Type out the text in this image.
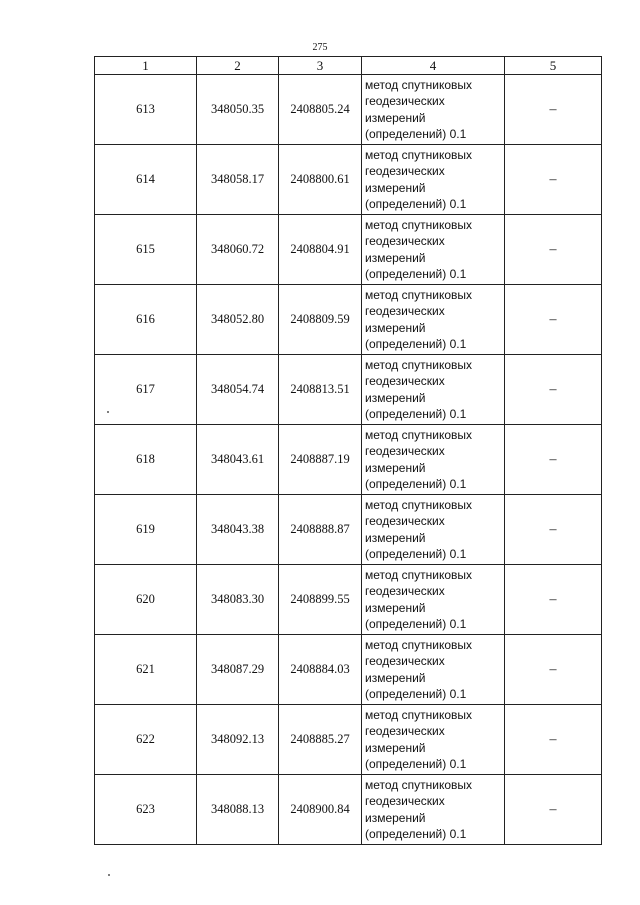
275
1	2	3	4	5
613	348050.35	2408805.24	метод спутниковых
геодезических
измерений
(определений) 0.1	–
614	348058.17	2408800.61	метод спутниковых
геодезических
измерений
(определений) 0.1	–
615	348060.72	2408804.91	метод спутниковых
геодезических
измерений
(определений) 0.1	–
616	348052.80	2408809.59	метод спутниковых
геодезических
измерений
(определений) 0.1	–
617	348054.74	2408813.51	метод спутниковых
геодезических
измерений
(определений) 0.1	–
618	348043.61	2408887.19	метод спутниковых
геодезических
измерений
(определений) 0.1	–
619	348043.38	2408888.87	метод спутниковых
геодезических
измерений
(определений) 0.1	–
620	348083.30	2408899.55	метод спутниковых
геодезических
измерений
(определений) 0.1	–
621	348087.29	2408884.03	метод спутниковых
геодезических
измерений
(определений) 0.1	–
622	348092.13	2408885.27	метод спутниковых
геодезических
измерений
(определений) 0.1	–
623	348088.13	2408900.84	метод спутниковых
геодезических
измерений
(определений) 0.1	–
